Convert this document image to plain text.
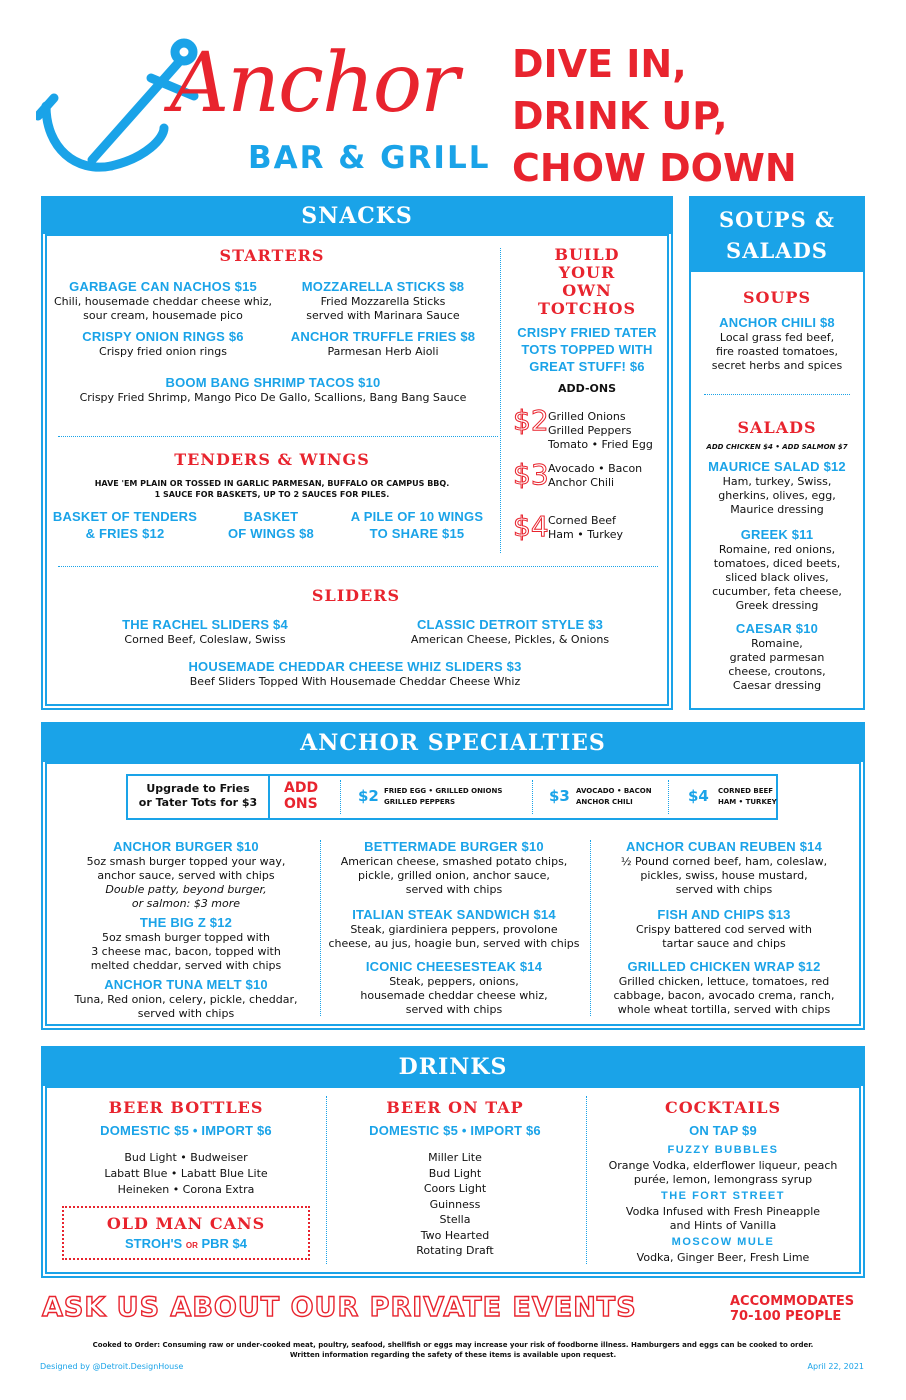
Anchor
BAR & GRILL
DIVE IN,
DRINK UP,
CHOW DOWN
SNACKS
STARTERS
GARBAGE CAN NACHOS $15
Chili, housemade cheddar cheese whiz,
sour cream, housemade pico
MOZZARELLA STICKS $8
Fried Mozzarella Sticks
served with Marinara Sauce
CRISPY ONION RINGS $6
Crispy fried onion rings
ANCHOR TRUFFLE FRIES $8
Parmesan Herb Aioli
BOOM BANG SHRIMP TACOS $10
Crispy Fried Shrimp, Mango Pico De Gallo, Scallions, Bang Bang Sauce
TENDERS & WINGS
HAVE 'EM PLAIN OR TOSSED IN GARLIC PARMESAN, BUFFALO OR CAMPUS BBQ.
1 SAUCE FOR BASKETS, UP TO 2 SAUCES FOR PILES.
BASKET OF TENDERS
& FRIES $12
BASKET
OF WINGS $8
A PILE OF 10 WINGS
TO SHARE $15
SLIDERS
THE RACHEL SLIDERS $4
Corned Beef, Coleslaw, Swiss
CLASSIC DETROIT STYLE $3
American Cheese, Pickles, & Onions
HOUSEMADE CHEDDAR CHEESE WHIZ SLIDERS $3
Beef Sliders Topped With Housemade Cheddar Cheese Whiz
BUILD
YOUR
OWN
TOTCHOS
CRISPY FRIED TATER
TOTS TOPPED WITH
GREAT STUFF! $6
ADD-ONS
$2 Grilled Onions
Grilled Peppers
Tomato • Fried Egg
$3 Avocado • Bacon
Anchor Chili
$4 Corned Beef
Ham • Turkey
SOUPS &
SALADS
SOUPS
ANCHOR CHILI $8
Local grass fed beef,
fire roasted tomatoes,
secret herbs and spices
SALADS
ADD CHICKEN $4 • ADD SALMON $7
MAURICE SALAD $12
Ham, turkey, Swiss,
gherkins, olives, egg,
Maurice dressing
GREEK $11
Romaine, red onions,
tomatoes, diced beets,
sliced black olives,
cucumber, feta cheese,
Greek dressing
CAESAR $10
Romaine,
grated parmesan
cheese, croutons,
Caesar dressing
ANCHOR SPECIALTIES
Upgrade to Fries
or Tater Tots for $3
ADD
ONS	$2 FRIED EGG • GRILLED ONIONS
GRILLED PEPPERS	$3 AVOCADO • BACON
ANCHOR CHILI	$4 CORNED BEEF
HAM • TURKEY
ANCHOR BURGER $10
5oz smash burger topped your way,
anchor sauce, served with chips
Double patty, beyond burger,
or salmon: $3 more
THE BIG Z $12
5oz smash burger topped with
3 cheese mac, bacon, topped with
melted cheddar, served with chips
ANCHOR TUNA MELT $10
Tuna, Red onion, celery, pickle, cheddar,
served with chips
BETTERMADE BURGER $10
American cheese, smashed potato chips,
pickle, grilled onion, anchor sauce,
served with chips
ITALIAN STEAK SANDWICH $14
Steak, giardiniera peppers, provolone
cheese, au jus, hoagie bun, served with chips
ICONIC CHEESESTEAK $14
Steak, peppers, onions,
housemade cheddar cheese whiz,
served with chips
ANCHOR CUBAN REUBEN $14
½ Pound corned beef, ham, coleslaw,
pickles, swiss, house mustard,
served with chips
FISH AND CHIPS $13
Crispy battered cod served with
tartar sauce and chips
GRILLED CHICKEN WRAP $12
Grilled chicken, lettuce, tomatoes, red
cabbage, bacon, avocado crema, ranch,
whole wheat tortilla, served with chips
DRINKS
BEER BOTTLES
DOMESTIC $5 • IMPORT $6
Bud Light • Budweiser
Labatt Blue • Labatt Blue Lite
Heineken • Corona Extra
OLD MAN CANS
STROH'S OR PBR $4
BEER ON TAP
DOMESTIC $5 • IMPORT $6
Miller Lite
Bud Light
Coors Light
Guinness
Stella
Two Hearted
Rotating Draft
COCKTAILS
ON TAP $9
FUZZY BUBBLES
Orange Vodka, elderflower liqueur, peach
purée, lemon, lemongrass syrup
THE FORT STREET
Vodka Infused with Fresh Pineapple
and Hints of Vanilla
MOSCOW MULE
Vodka, Ginger Beer, Fresh Lime
ASK US ABOUT OUR PRIVATE EVENTS	ACCOMMODATES
70-100 PEOPLE
Cooked to Order: Consuming raw or under-cooked meat, poultry, seafood, shellfish or eggs may increase your risk of foodborne illness. Hamburgers and eggs can be cooked to order.
Written information regarding the safety of these items is available upon request.
Designed by @Detroit.DesignHouse	April 22, 2021
